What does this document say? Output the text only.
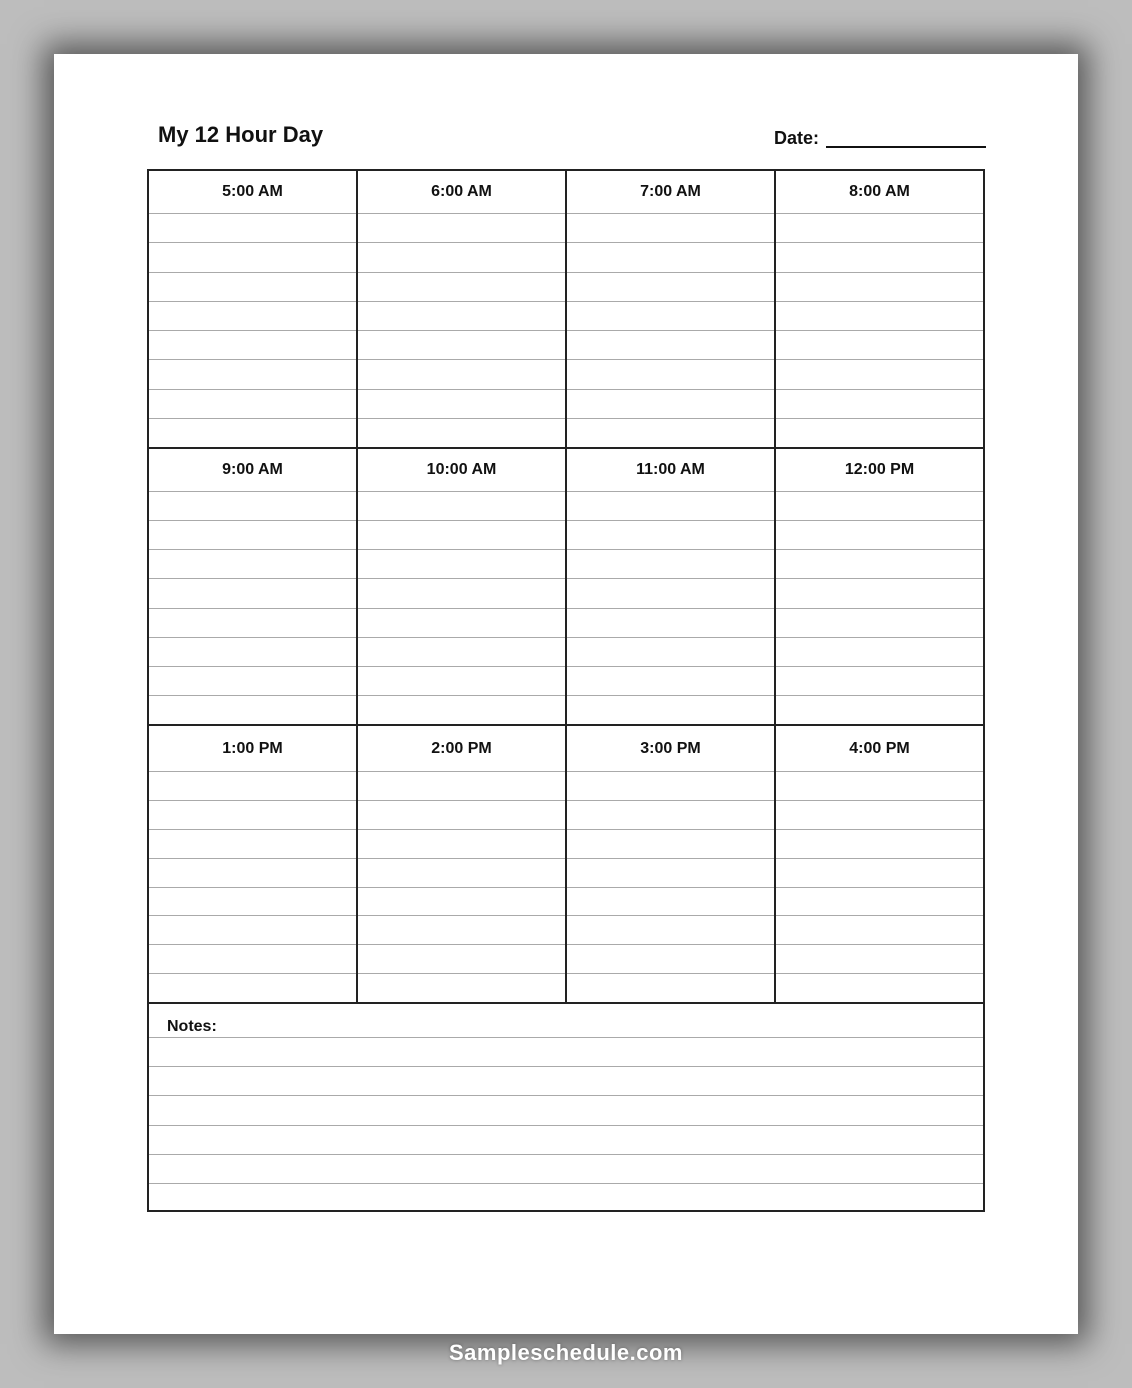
My 12 Hour Day	Date:
5:00 AM	6:00 AM	7:00 AM	8:00 AM
9:00 AM	10:00 AM	11:00 AM	12:00 PM
1:00 PM	2:00 PM	3:00 PM	4:00 PM
Notes:
Sampleschedule.com
